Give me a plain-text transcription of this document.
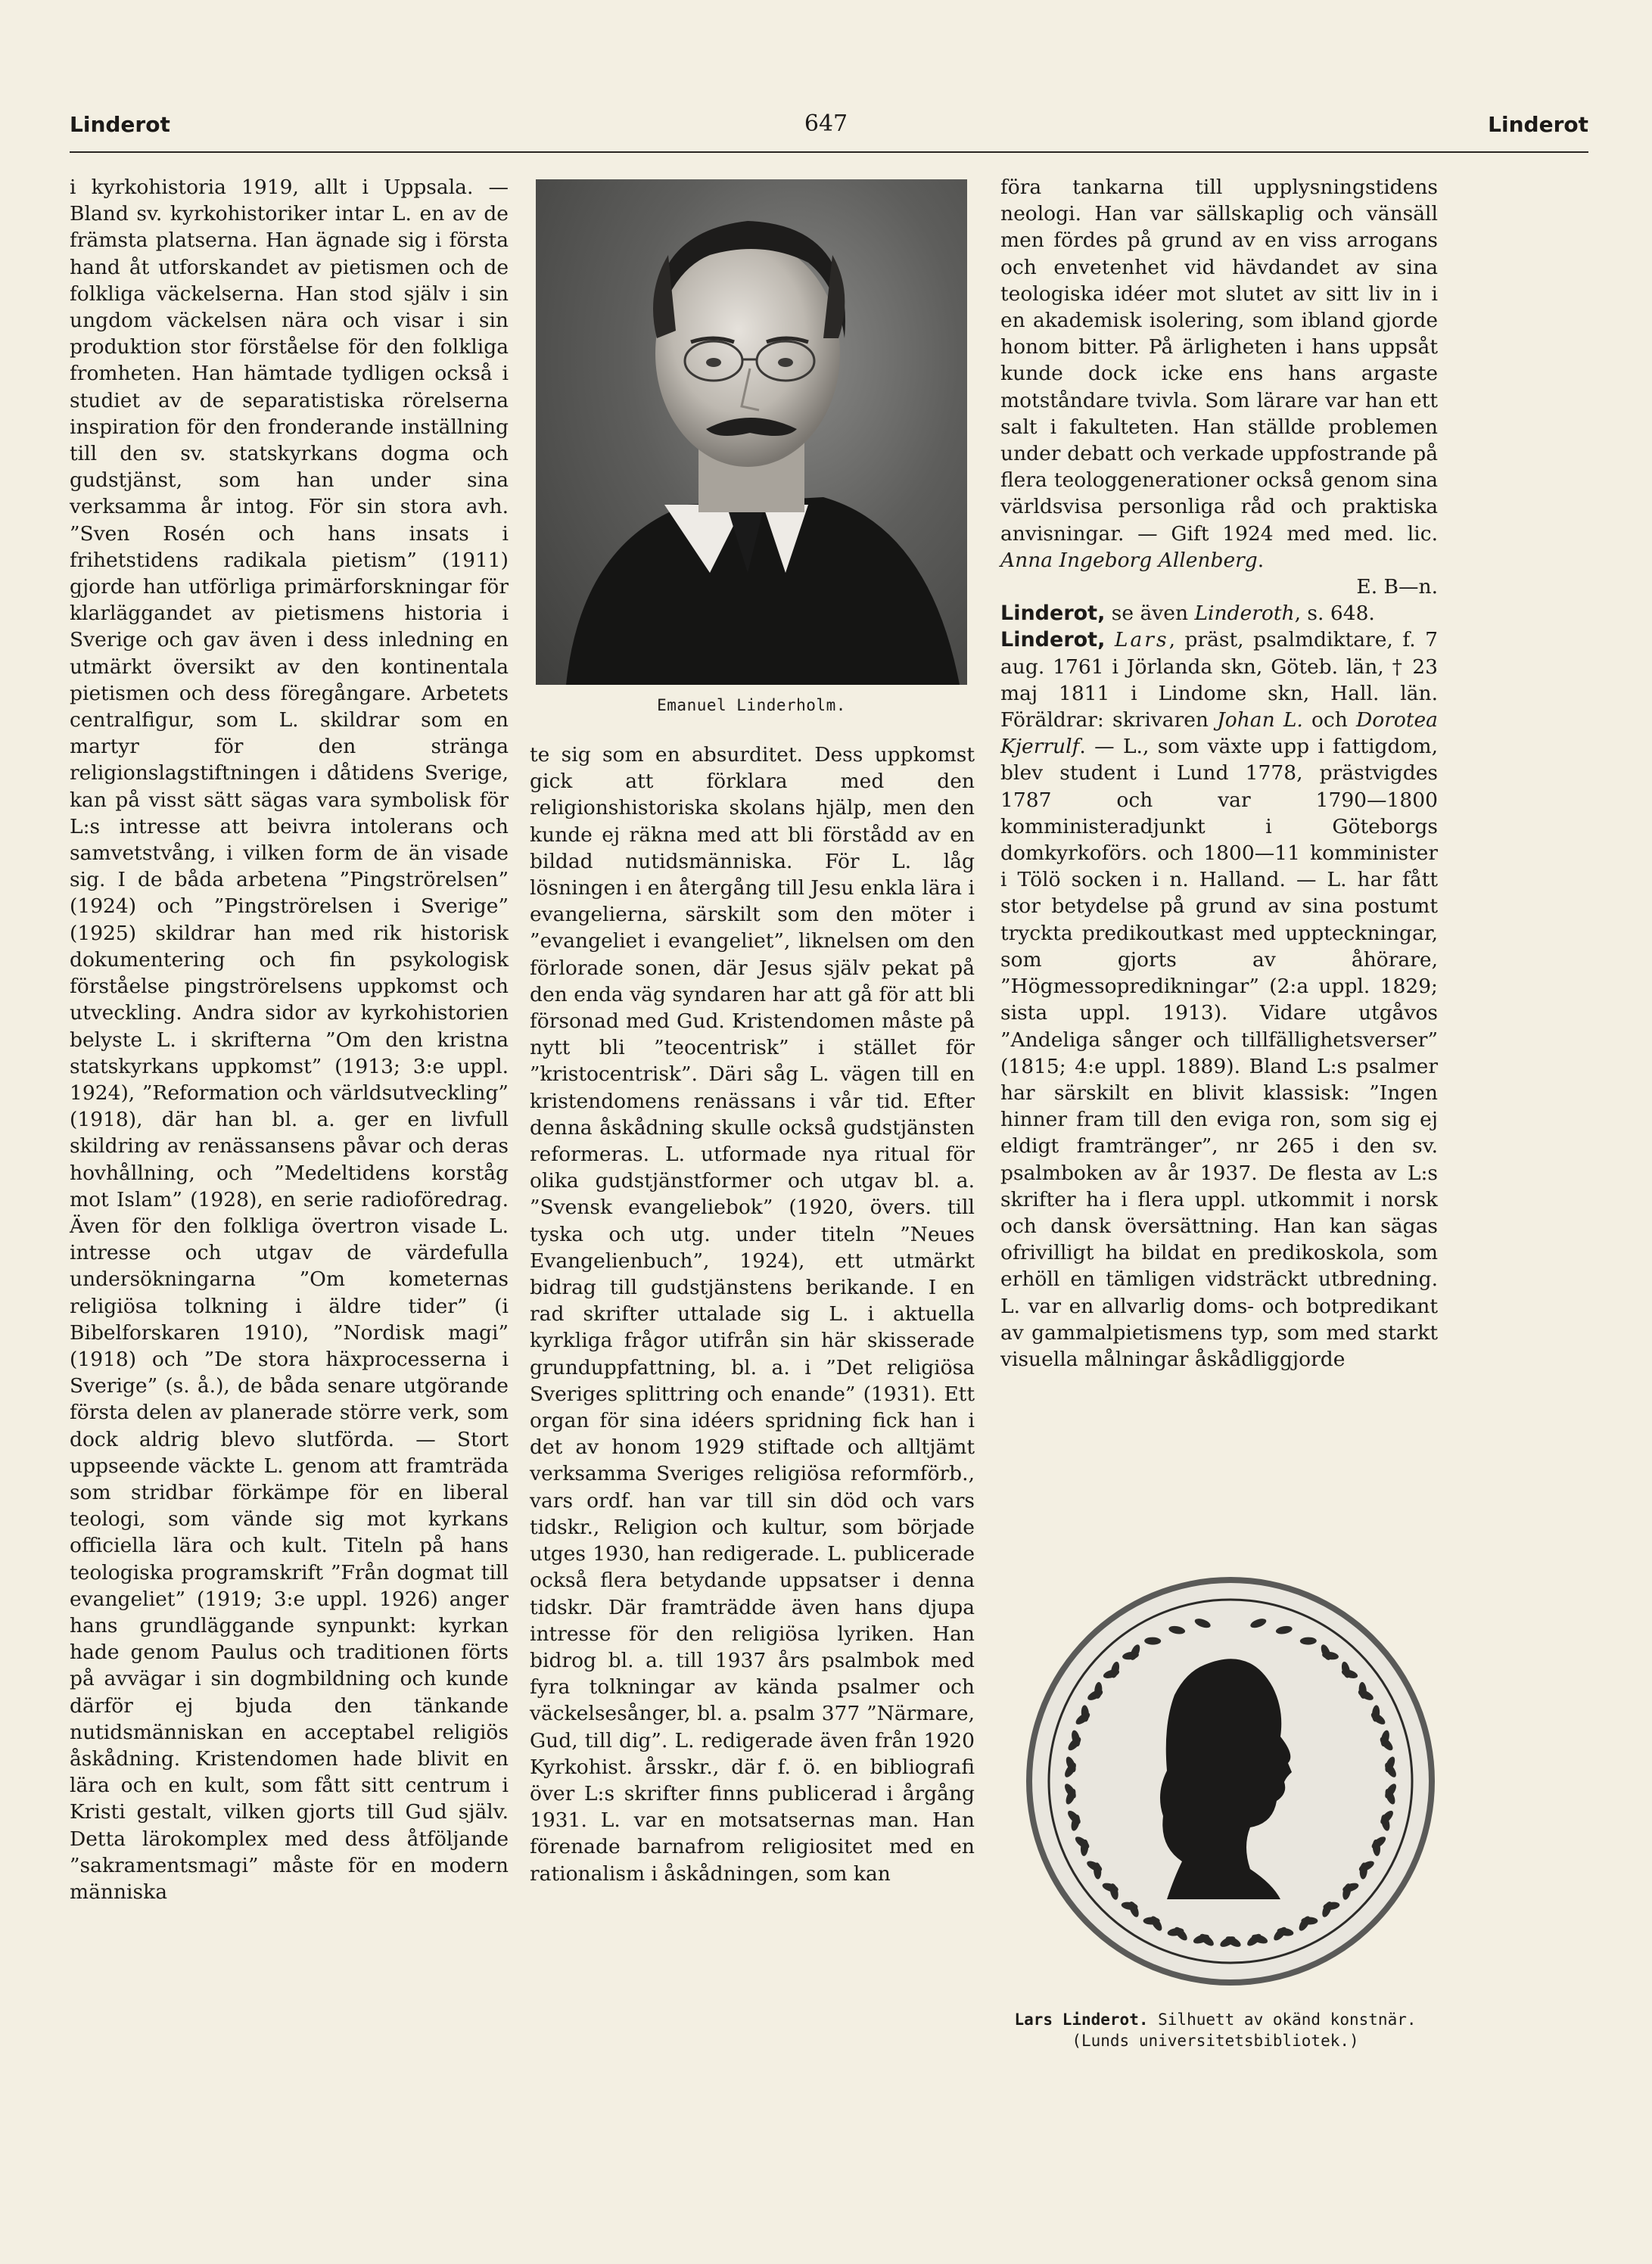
Linderot	647	Linderot

i kyrkohistoria 1919, allt i Uppsala. — Bland sv. kyrkohistoriker intar L. en av de främsta platserna. Han ägnade sig i första hand åt utforskandet av pietismen och de folkliga väckelserna. Han stod själv i sin ungdom väckelsen nära och visar i sin produktion stor förståelse för den folkliga fromheten. Han hämtade tydligen också i studiet av de separatistiska rörelserna inspiration för den fronderande inställning till den sv. statskyrkans dogma och gudstjänst, som han under sina verksamma år intog. För sin stora avh. ”Sven Rosén och hans insats i frihetstidens radikala pietism” (1911) gjorde han utförliga primärforskningar för klarläggandet av pietismens historia i Sverige och gav även i dess inledning en utmärkt översikt av den kontinentala pietismen och dess föregångare. Arbetets centralfigur, som L. skildrar som en martyr för den stränga religionslagstiftningen i dåtidens Sverige, kan på visst sätt sägas vara symbolisk för L:s intresse att beivra intolerans och samvetstvång, i vilken form de än visade sig. I de båda arbetena ”Pingströrelsen” (1924) och ”Pingströrelsen i Sverige” (1925) skildrar han med rik historisk dokumentering och fin psykologisk förståelse pingströrelsens uppkomst och utveckling. Andra sidor av kyrkohistorien belyste L. i skrifterna ”Om den kristna statskyrkans uppkomst” (1913; 3:e uppl. 1924), ”Reformation och världsutveckling” (1918), där han bl. a. ger en livfull skildring av renässansens påvar och deras hovhållning, och ”Medeltidens korståg mot Islam” (1928), en serie radioföredrag. Även för den folkliga övertron visade L. intresse och utgav de värdefulla undersökningarna ”Om kometernas religiösa tolkning i äldre tider” (i Bibelforskaren 1910), ”Nordisk magi” (1918) och ”De stora häxprocesserna i Sverige” (s. å.), de båda senare utgörande första delen av planerade större verk, som dock aldrig blevo slutförda. — Stort uppseende väckte L. genom att framträda som stridbar förkämpe för en liberal teologi, som vände sig mot kyrkans officiella lära och kult. Titeln på hans teologiska programskrift ”Från dogmat till evangeliet” (1919; 3:e uppl. 1926) anger hans grundläggande synpunkt: kyrkan hade genom Paulus och traditionen förts på avvägar i sin dogmbildning och kunde därför ej bjuda den tänkande nutidsmänniskan en acceptabel religiös åskådning. Kristendomen hade blivit en lära och en kult, som fått sitt centrum i Kristi gestalt, vilken gjorts till Gud själv. Detta lärokomplex med dess åtföljande ”sakramentsmagi” måste för en modern människa

Emanuel Linderholm.

te sig som en absurditet. Dess uppkomst gick att förklara med den religionshistoriska skolans hjälp, men den kunde ej räkna med att bli förstådd av en bildad nutidsmänniska. För L. låg lösningen i en återgång till Jesu enkla lära i evangelierna, särskilt som den möter i ”evangeliet i evangeliet”, liknelsen om den förlorade sonen, där Jesus själv pekat på den enda väg syndaren har att gå för att bli försonad med Gud. Kristendomen måste på nytt bli ”teocentrisk” i stället för ”kristocentrisk”. Däri såg L. vägen till en kristendomens renässans i vår tid. Efter denna åskådning skulle också gudstjänsten reformeras. L. utformade nya ritual för olika gudstjänstformer och utgav bl. a. ”Svensk evangeliebok” (1920, övers. till tyska och utg. under titeln ”Neues Evangelienbuch”, 1924), ett utmärkt bidrag till gudstjänstens berikande. I en rad skrifter uttalade sig L. i aktuella kyrkliga frågor utifrån sin här skisserade grunduppfattning, bl. a. i ”Det religiösa Sveriges splittring och enande” (1931). Ett organ för sina idéers spridning fick han i det av honom 1929 stiftade och alltjämt verksamma Sveriges religiösa reformförb., vars ordf. han var till sin död och vars tidskr., Religion och kultur, som började utges 1930, han redigerade. L. publicerade också flera betydande uppsatser i denna tidskr. Där framträdde även hans djupa intresse för den religiösa lyriken. Han bidrog bl. a. till 1937 års psalmbok med fyra tolkningar av kända psalmer och väckelsesånger, bl. a. psalm 377 ”Närmare, Gud, till dig”. L. redigerade även från 1920 Kyrkohist. årsskr., där f. ö. en bibliografi över L:s skrifter finns publicerad i årgång 1931. L. var en motsatsernas man. Han förenade barnafrom religiositet med en rationalism i åskådningen, som kan

föra tankarna till upplysningstidens neologi. Han var sällskaplig och vänsäll men fördes på grund av en viss arrogans och envetenhet vid hävdandet av sina teologiska idéer mot slutet av sitt liv in i en akademisk isolering, som ibland gjorde honom bitter. På ärligheten i hans uppsåt kunde dock icke ens hans argaste motståndare tvivla. Som lärare var han ett salt i fakulteten. Han ställde problemen under debatt och verkade uppfostrande på flera teologgenerationer också genom sina världsvisa personliga råd och praktiska anvisningar. — Gift 1924 med med. lic. Anna Ingeborg Allenberg.

E. B—n.

Linderot, se även Linderoth, s. 648.

Linderot, Lars, präst, psalmdiktare, f. 7 aug. 1761 i Jörlanda skn, Göteb. län, † 23 maj 1811 i Lindome skn, Hall. län. Föräldrar: skrivaren Johan L. och Dorotea Kjerrulf. — L., som växte upp i fattigdom, blev student i Lund 1778, prästvigdes 1787 och var 1790—1800 komministeradjunkt i Göteborgs domkyrkoförs. och 1800—11 komminister i Tölö socken i n. Halland. — L. har fått stor betydelse på grund av sina postumt tryckta predikoutkast med uppteckningar, som gjorts av åhörare, ”Högmessopredikningar” (2:a uppl. 1829; sista uppl. 1913). Vidare utgåvos ”Andeliga sånger och tillfällighetsverser” (1815; 4:e uppl. 1889). Bland L:s psalmer har särskilt en blivit klassisk: ”Ingen hinner fram till den eviga ron, som sig ej eldigt framtränger”, nr 265 i den sv. psalmboken av år 1937. De flesta av L:s skrifter ha i flera uppl. utkommit i norsk och dansk översättning. Han kan sägas ofrivilligt ha bildat en predikoskola, som erhöll en tämligen vidsträckt utbredning. L. var en allvarlig doms- och botpredikant av gammalpietismens typ, som med starkt visuella målningar åskådliggjorde

Lars Linderot. Silhuett av okänd konstnär.
(Lunds universitetsbibliotek.)
